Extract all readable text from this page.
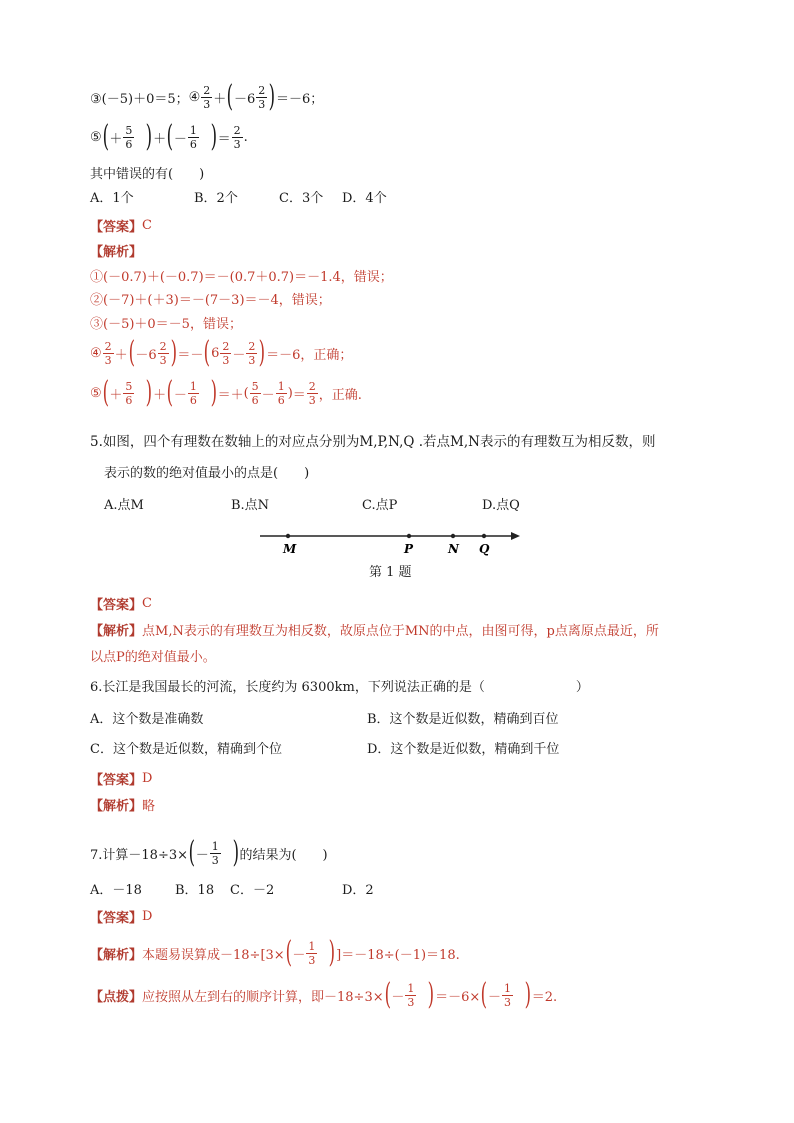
③(－5)＋0＝5； ④ $\frac{2}{3}$ ＋ ( $-6 \frac{2}{3}$ ) ＝－6；
⑤ ( ＋ $\frac{5}{6}$ ) ＋ ( － $\frac{1}{6}$ ) ＝ $\frac{2}{3}$ .
其中错误的有(　　)
A．1个	B．2个	C．3个 D．4个
【答案】 C
【解析】
①(－0.7)＋(－0.7)＝－(0.7＋0.7)＝－1.4，错误；
②(－7)＋(＋3)＝－(7－3)＝－4，错误；
③(－5)＋0＝－5，错误；
④ $\frac{2}{3}$ ＋ ( $-6 \frac{2}{3}$ ) ＝－ ( $6 \frac{2}{3} - \frac{2}{3}$ ) ＝－6，正确；
⑤ ( ＋ $\frac{5}{6}$ ) ＋ ( － $\frac{1}{6}$ ) ＝＋ ( $\frac{5}{6} - \frac{1}{6}$ ) ＝ $\frac{2}{3}$ ，正确.
5.如图，四个有理数在数轴上的对应点分别为M,P,N,Q .若点M,N表示的有理数互为相反数，则
表示的数的绝对值最小的点是(　　)
A.点M	B.点N	C.点P	D.点Q
M	P	N Q
第 1 题
【答案】 C
【解析】 点M,N表示的有理数互为相反数，故原点位于MN的中点，由图可得，p点离原点最近，所
以点P的绝对值最小。
6.长江是我国最长的河流，长度约为 6300km，下列说法正确的是（　　　　　　　）
A．这个数是准确数	B．这个数是近似数，精确到百位
C．这个数是近似数，精确到个位	D．这个数是近似数，精确到千位
【答案】 D
【解析】 略
7.计算－18÷3× ( － $\frac{1}{3}$ ) 的结果为(　　)
A．－18	B．18 C．－2	D．2
【答案】 D
【解析】 本题易误算成－18÷[3× ( － $\frac{1}{3}$ ) ]＝－18÷(－1)＝18.
【点拨】 应按照从左到右的顺序计算，即－18÷3× ( － $\frac{1}{3}$ ) ＝－6× ( － $\frac{1}{3}$ ) ＝2.
